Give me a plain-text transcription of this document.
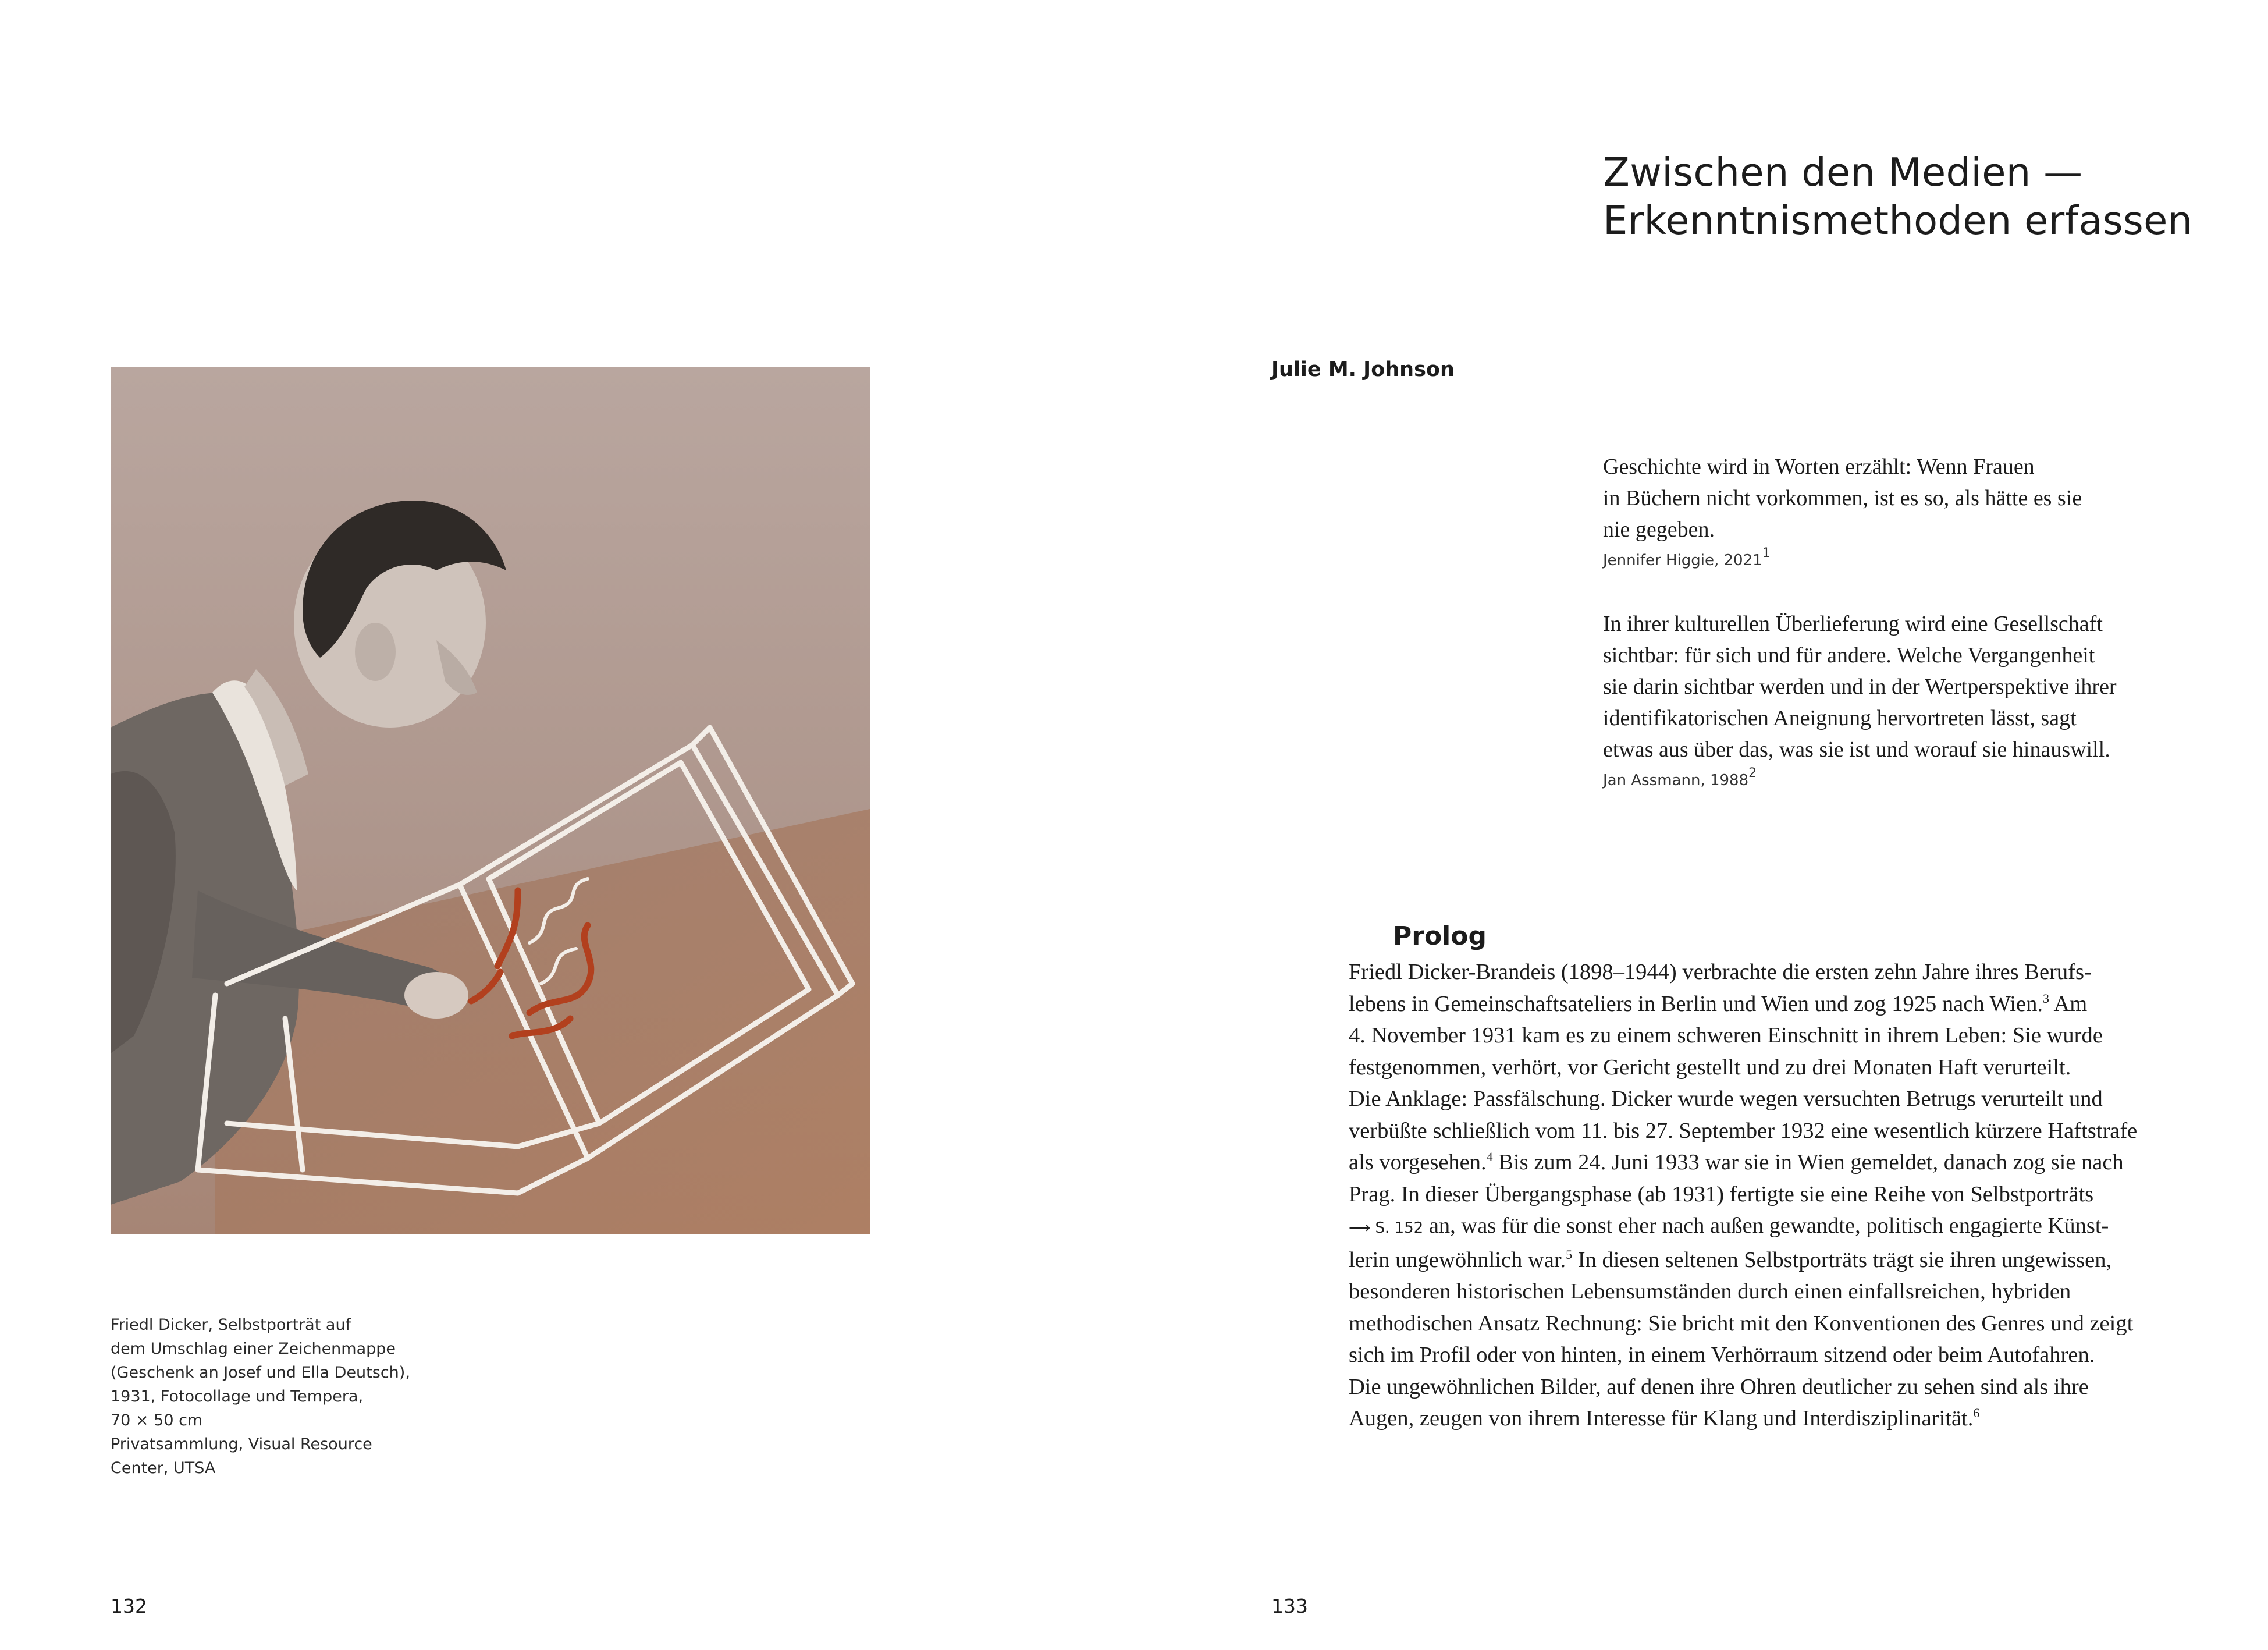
Friedl Dicker, Selbstporträt auf
dem Umschlag einer Zeichenmappe
(Geschenk an Josef und Ella Deutsch),
1931, Fotocollage und Tempera,
70 × 50 cm
Privatsammlung, Visual Resource
Center, UTSA
132
Zwischen den Medien —
Erkenntnismethoden erfassen
Julie M. Johnson
Geschichte wird in Worten erzählt: Wenn Frauen
in Büchern nicht vorkommen, ist es so, als hätte es sie
nie gegeben.
Jennifer Higgie, 2021$^1$
In ihrer kulturellen Überlieferung wird eine Gesellschaft
sichtbar: für sich und für andere. Welche Vergangenheit
sie darin sichtbar werden und in der Wertperspektive ihrer
identifikatorischen Aneignung hervortreten lässt, sagt
etwas aus über das, was sie ist und worauf sie hinauswill.
Jan Assmann, 1988$^2$
Prolog
Friedl Dicker-Brandeis (1898–1944) verbrachte die ersten zehn Jahre ihres Berufs-
lebens in Gemeinschaftsateliers in Berlin und Wien und zog 1925 nach Wien.$^3$ Am
4. November 1931 kam es zu einem schweren Einschnitt in ihrem Leben: Sie wurde
festgenommen, verhört, vor Gericht gestellt und zu drei Monaten Haft verurteilt.
Die Anklage: Passfälschung. Dicker wurde wegen versuchten Betrugs verurteilt und
verbüßte schließlich vom 11. bis 27. September 1932 eine wesentlich kürzere Haftstrafe
als vorgesehen.$^4$ Bis zum 24. Juni 1933 war sie in Wien gemeldet, danach zog sie nach
Prag. In dieser Übergangsphase (ab 1931) fertigte sie eine Reihe von Selbstporträts
⟶ S. 152 an, was für die sonst eher nach außen gewandte, politisch engagierte Künst-
lerin ungewöhnlich war.$^5$ In diesen seltenen Selbstporträts trägt sie ihren ungewissen,
besonderen historischen Lebensumständen durch einen einfallsreichen, hybriden
methodischen Ansatz Rechnung: Sie bricht mit den Konventionen des Genres und zeigt
sich im Profil oder von hinten, in einem Verhörraum sitzend oder beim Autofahren.
Die ungewöhnlichen Bilder, auf denen ihre Ohren deutlicher zu sehen sind als ihre
Augen, zeugen von ihrem Interesse für Klang und Interdisziplinarität.$^6$
133
